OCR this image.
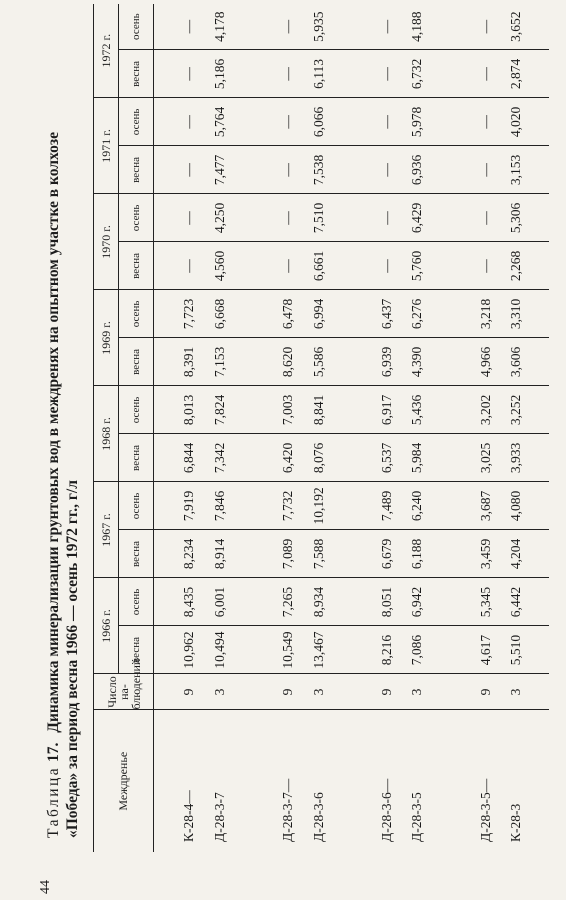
44
Таблица 17. Динамика минерализации грунтовых вод в междренях на опытном участке в колхозе «Победа» за период весна 1966 — осень 1972 гг., г/л	Междренье	Число на-блюдений	1966 г.		1967 г.		1968 г.		1969 г.		1970 г.		1971 г.		1972 г.	
		весна	осень	весна	осень	весна	осень	весна	осень	весна	осень	весна	осень	весна	осень
К-28-4—	9	10,962	8,435	8,234	7,919	6,844	8,013	8,391	7,723	—	—	—	—	—	—
Д-28-3-7	3	10,494	6,001	8,914	7,846	7,342	7,824	7,153	6,668	4,560	4,250	7,477	5,764	5,186	4,178
Д-28-3-7—	9	10,549	7,265	7,089	7,732	6,420	7,003	8,620	6,478	—	—	—	—	—	—
Д-28-3-6	3	13,467	8,934	7,588	10,192	8,076	8,841	5,586	6,994	6,661	7,510	7,538	6,066	6,113	5,935
Д-28-3-6—	9	8,216	8,051	6,679	7,489	6,537	6,917	6,939	6,437	—	—	—	—	—	—
Д-28-3-5	3	7,086	6,942	6,188	6,240	5,984	5,436	4,390	6,276	5,760	6,429	6,936	5,978	6,732	4,188
Д-28-3-5—	9	4,617	5,345	3,459	3,687	3,025	3,202	4,966	3,218	—	—	—	—	—	—
К-28-3	3	5,510	6,442	4,204	4,080	3,933	3,252	3,606	3,310	2,268	5,306	3,153	4,020	2,874	3,652
